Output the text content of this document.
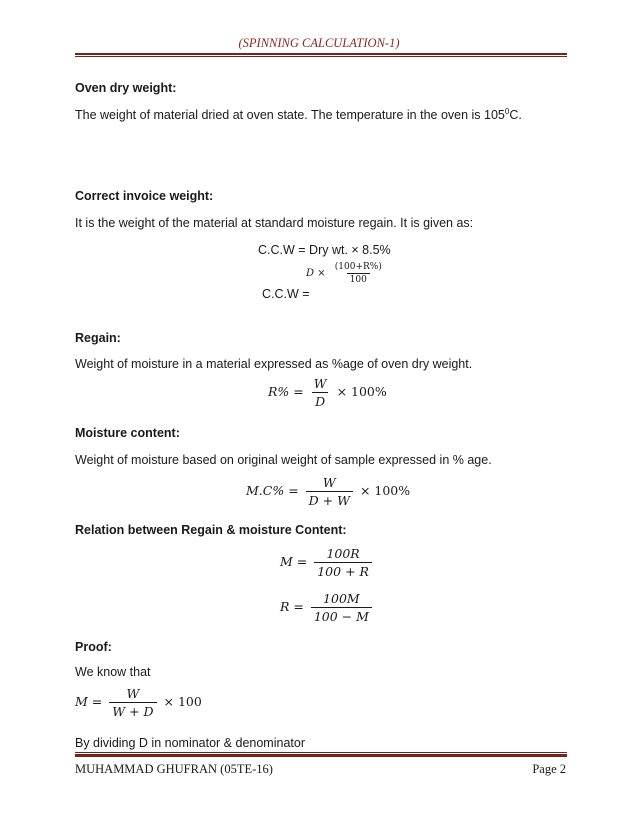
(SPINNING CALCULATION-1)
Oven dry weight:
The weight of material dried at oven state. The temperature in the oven is $105^0C$.
Correct invoice weight:
It is the weight of the material at standard moisture regain. It is given as:
C.C.W = Dry wt. × 8.5%
C.C.W =
$D \times \frac{(100+R\%)}{100}$
Regain:
Weight of moisture in a material expressed as %age of oven dry weight.
$R\% = \frac{W}{D} \times 100\%$
Moisture content:
Weight of moisture based on original weight of sample expressed in % age.
$M.C\% = \frac{W}{D + W} \times 100\%$
Relation between Regain & moisture Content:
$M = \frac{100R}{100 + R}$
$R = \frac{100M}{100 - M}$
Proof:
We know that
$M = \frac{W}{W + D} \times 100$
By dividing D in nominator & denominator
MUHAMMAD GHUFRAN (05TE-16)	Page 2
